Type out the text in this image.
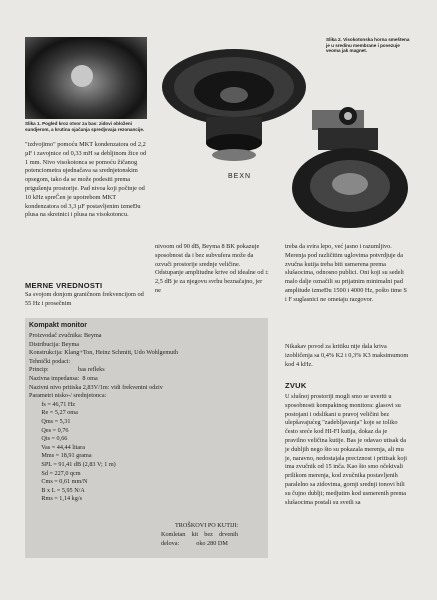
Slika 1. Pogled kroz otvor za bas: zidovi obloženi sundjerom, a krutina ojačanja spredjvvaja rezonancije.
BEXN
Slika 2. Visokotonska horna smeštena je u sredinu membrane i povezuje veoma jak magnet.
"izdvojimo" pomoću MKT kondenzatora od 2,2 µF i zavojnice od 0,33 mH sa debljinom žice od 1 mm. Nivo visokotonca se pomoću žičanog potenciometra ujednačava sa srednjetonskim opsegom, tako da se može podesiti prema prigušenju prostorije. Pad nivoa koji počinje od 10 kHz spreČen je upotrebom MKT kondenzatora od 3,3 µF postavljenim izmeĐu plusa na skretnici i plusa na visokotoncu.
MERNE VREDNOSTI
Sa svojom donjom graničnom frekvencijom od 55 Hz i prosečnim
nivoom od 90 dB, Beyma 8 BK pokazuje sposobnost da i bez subvufera može da ozvuči prostorije srednje veličine. Odstupanje amplitudne krive od idealne od ± 2,5 dB je za njegovu svrhu beznačajno, jer ne
treba da svira lepo, već jasno i razumljivo. Merenja pod različitim uglovima potvrdjuje da zvučna kutija treba biti usmerena prema slušaocima, odnosno publici. Oni koji su sedeli malo dalje označili su prijatnim minimalni pad amplitude izmeĐu 1500 i 4000 Hz, pošto time S i F suglasnici ne ometaju razgovor.
Nikakav povod za kritiku nije dala kriva izobličenja sa 0,4% K2 i 0,3% K3 maksimumom kod 4 kHz.
ZVUK
U slušnoj prostoriji mogli smo se uveriti u sposobnosti kompaktnog monitora: glasovi su postojani i odslikani u pravoj veličini bez ulepšavajućeg "zadebljavanja" koje se toliko često sreće kod HI-FI kutija, dokaz da je pravilno veličina kutije. Bas je odavao utisak da je dubljih nego što su pokazala merenja, ali mu je, naravno, nedostajala preciznost i pritisak koji ima zvučnik od 15 inča. Kao što smo očekivali prilikom merenja, kod zvučnika postavljenih paralelno sa zidovima, gornji srednji tonovi bili su čujno dublji; medjutim kod usmerenih prema slušaocima postali su svetli sa
Kompakt monitor
Proizvodač zvučnika: Beyma
Distribucija: Beyma
Konstrukcija: Klang+Ton, Heinz Schmitt, Udo Wohlgemuth
Tehnički podaci:
Princip:                   bas refleks
Nazivna impedansa:  8 oma
Nazivni nivo pritiska 2,83V/1m: vidi frekventni odziv
Parametri nisko-/ srednjetonca:
fs = 46,71 Hz
Re = 5,27 oma
Qms = 5,31
Qes = 0,76
Qts = 0,66
Vas = 44,44 litara
Mms = 18,91 grama
SPL = 91,41 dB (2,83 V; 1 m)
Sd = 227,0 qcm
Cms = 0,61 mm/N
B x L = 5,95 N/A
Rms = 1,14 kg/s
TROŠKOVI PO KUTIJI:
Komletan    kit    bez    drvenih
delova:           oko 280 DM
